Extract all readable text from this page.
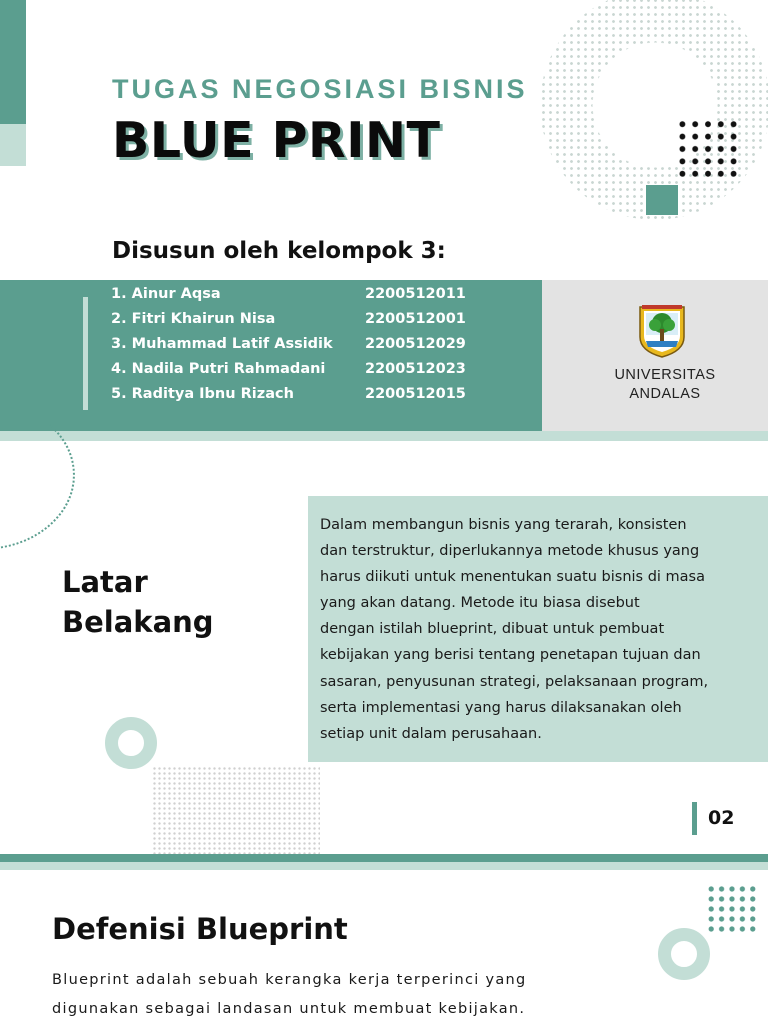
TUGAS NEGOSIASI BISNIS
BLUE PRINT
Disusun oleh kelompok 3:
1. Ainur Aqsa	2200512011
2. Fitri Khairun Nisa	2200512001
3. Muhammad Latif Assidik 2200512029
4. Nadila Putri Rahmadani	2200512023
5. Raditya Ibnu Rizach	2200512015
UNIVERSITAS
ANDALAS
Latar
Belakang
Dalam membangun bisnis yang terarah, konsisten
dan terstruktur, diperlukannya metode khusus yang
harus diikuti untuk menentukan suatu bisnis di masa
yang akan datang. Metode itu biasa disebut
dengan istilah blueprint, dibuat untuk pembuat
kebijakan yang berisi tentang penetapan tujuan dan
sasaran, penyusunan strategi, pelaksanaan program,
serta implementasi yang harus dilaksanakan oleh
setiap unit dalam perusahaan.
02
Defenisi Blueprint
Blueprint adalah sebuah kerangka kerja terperinci yang
digunakan sebagai landasan untuk membuat kebijakan.
